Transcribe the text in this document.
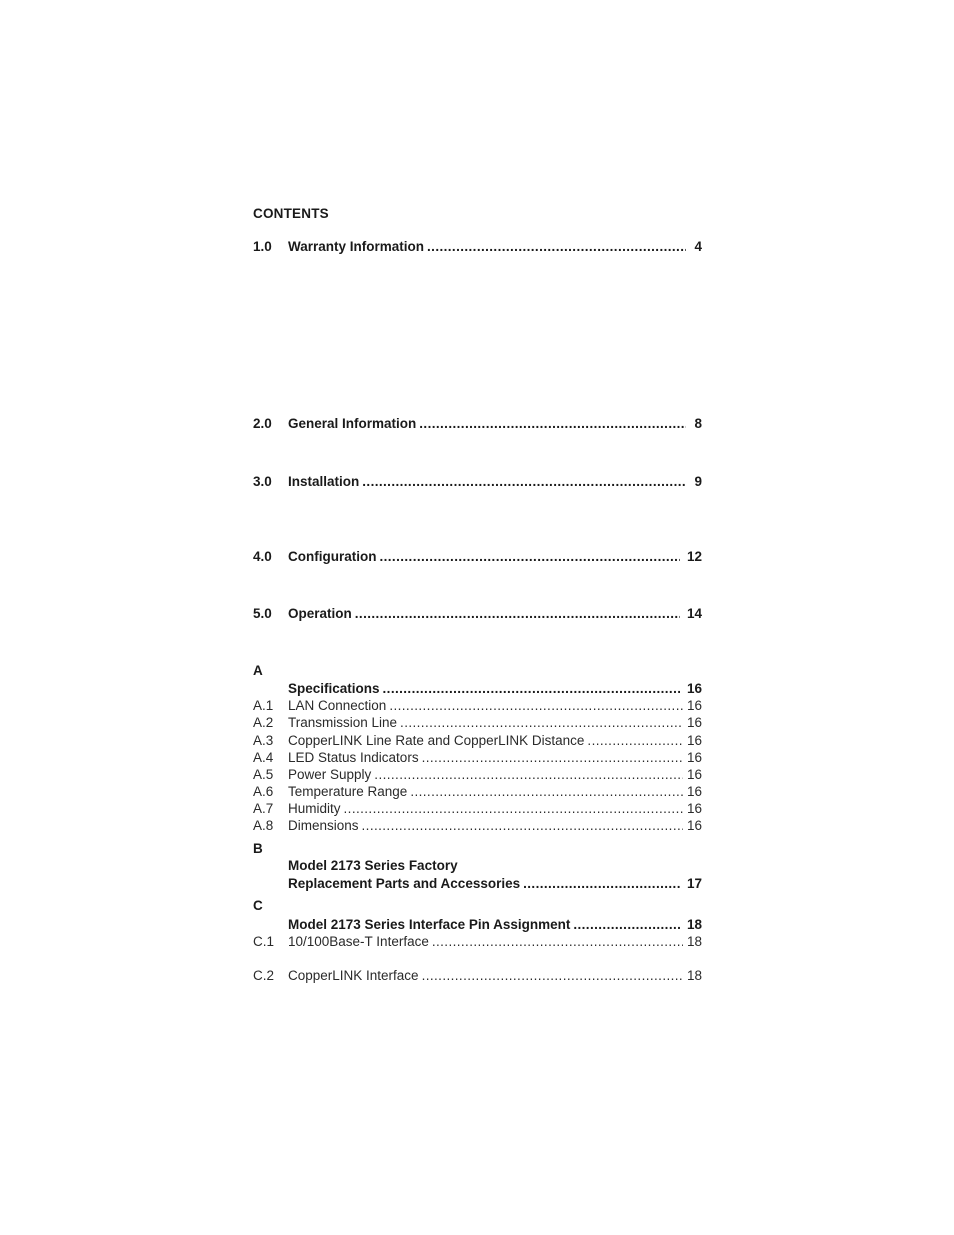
CONTENTS
1.0 Warranty Information .....	4
2.0 General Information .....	8
3.0 Installation .....	9
4.0 Configuration .....	12
5.0 Operation .....	14
A
Specifications .....	16
A.1 LAN Connection .....	16
A.2 Transmission Line .....	16
A.3 CopperLINK Line Rate and CopperLINK Distance .....	16
A.4 LED Status Indicators .....	16
A.5 Power Supply .....	16
A.6 Temperature Range .....	16
A.7 Humidity .....	16
A.8 Dimensions .....	16
B
Model 2173 Series Factory
Replacement Parts and Accessories .....	17
C
Model 2173 Series Interface Pin Assignment .....	18
C.1 10/100Base-T Interface .....	18
C.2 CopperLINK Interface .....	18
